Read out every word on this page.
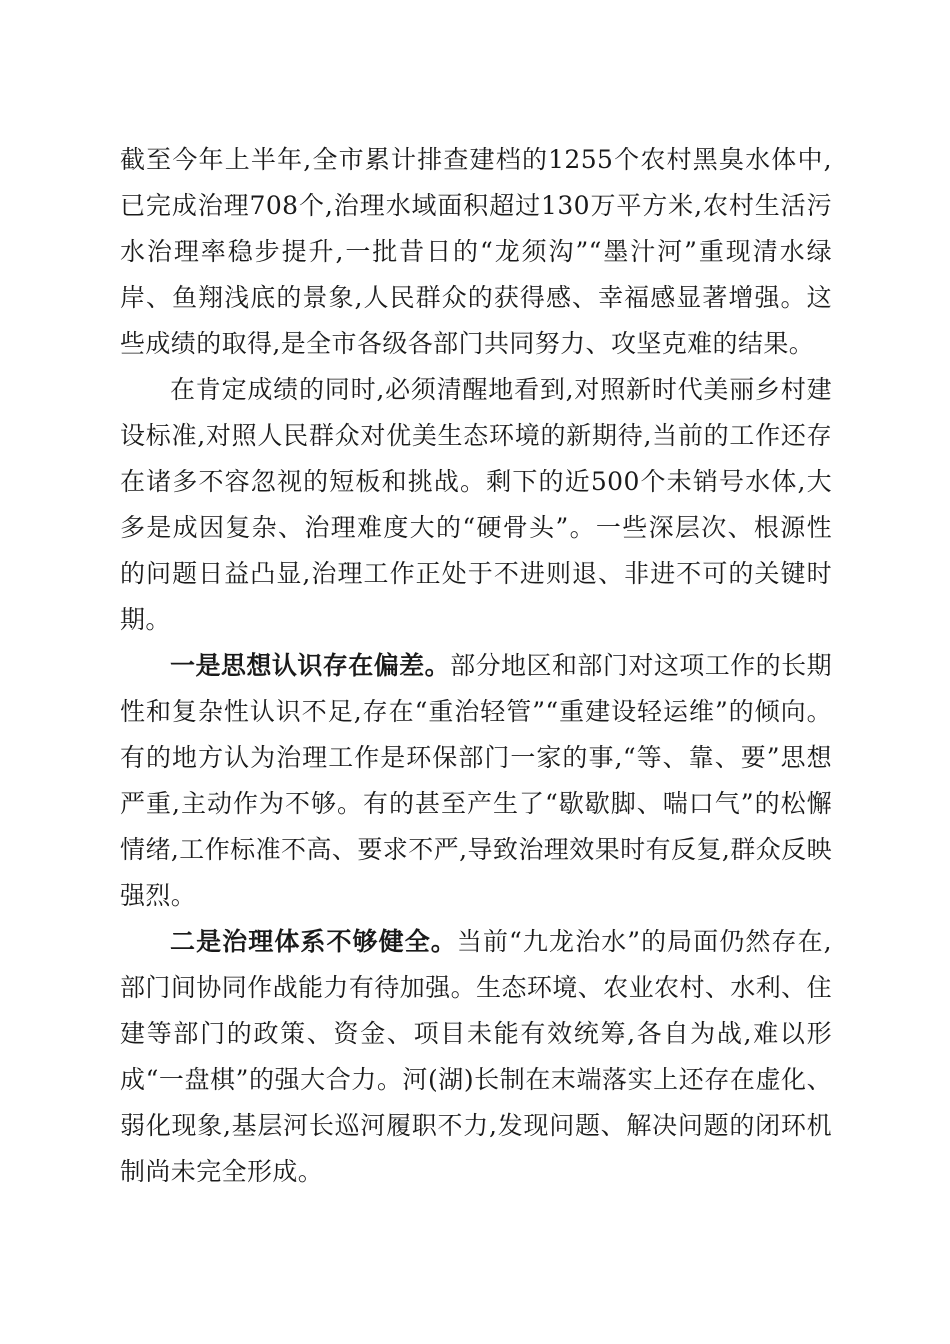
截至今年上半年,全市累计排查建档的1255个农村黑臭水体中,已完成治理708个,治理水域面积超过130万平方米,农村生活污水治理率稳步提升,一批昔日的“龙须沟”“墨汁河”重现清水绿岸、鱼翔浅底的景象,人民群众的获得感、幸福感显著增强。这些成绩的取得,是全市各级各部门共同努力、攻坚克难的结果。

在肯定成绩的同时,必须清醒地看到,对照新时代美丽乡村建设标准,对照人民群众对优美生态环境的新期待,当前的工作还存在诸多不容忽视的短板和挑战。剩下的近500个未销号水体,大多是成因复杂、治理难度大的“硬骨头”。一些深层次、根源性的问题日益凸显,治理工作正处于不进则退、非进不可的关键时期。

一是思想认识存在偏差。部分地区和部门对这项工作的长期性和复杂性认识不足,存在“重治轻管”“重建设轻运维”的倾向。有的地方认为治理工作是环保部门一家的事,“等、靠、要”思想严重,主动作为不够。有的甚至产生了“歇歇脚、喘口气”的松懈情绪,工作标准不高、要求不严,导致治理效果时有反复,群众反映强烈。

二是治理体系不够健全。当前“九龙治水”的局面仍然存在,部门间协同作战能力有待加强。生态环境、农业农村、水利、住建等部门的政策、资金、项目未能有效统筹,各自为战,难以形成“一盘棋”的强大合力。河(湖)长制在末端落实上还存在虚化、弱化现象,基层河长巡河履职不力,发现问题、解决问题的闭环机制尚未完全形成。
